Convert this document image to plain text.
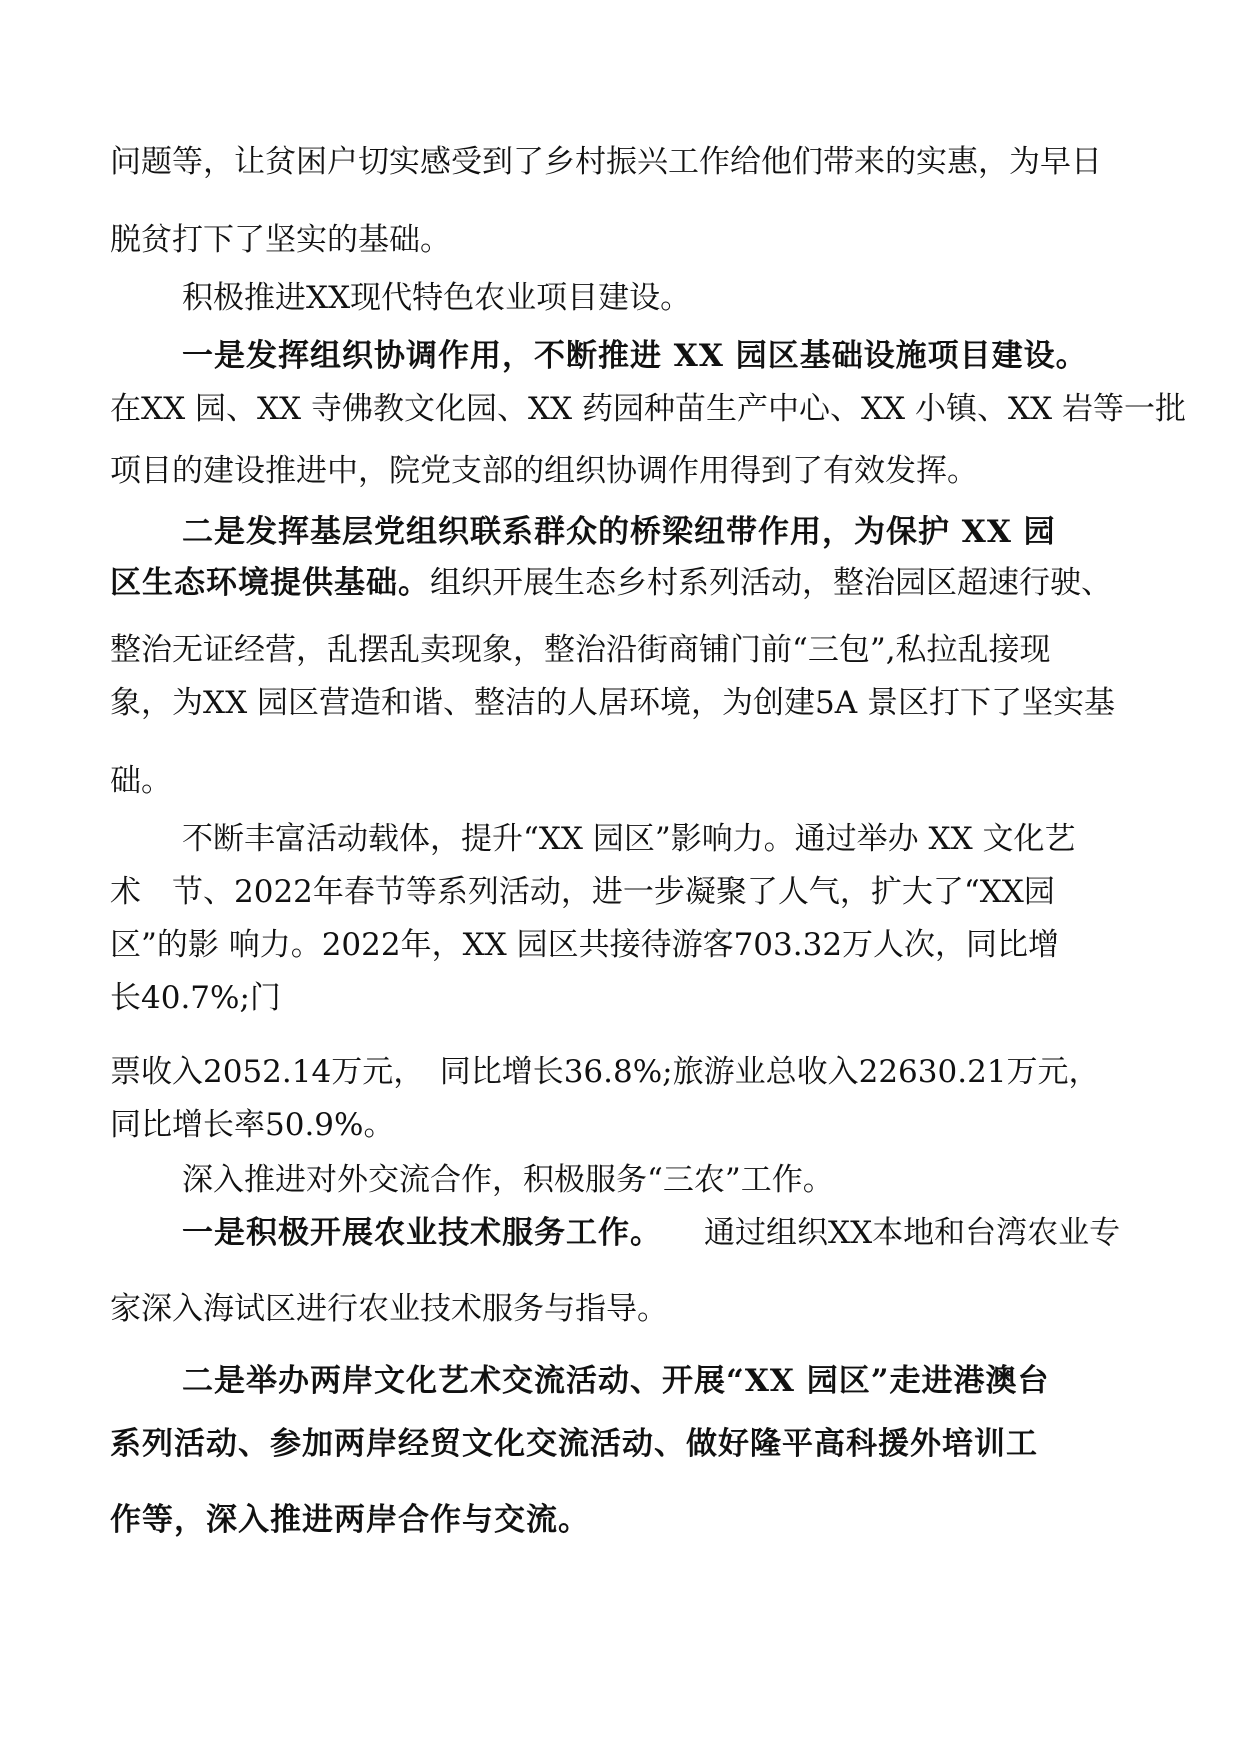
问题等，让贫困户切实感受到了乡村振兴工作给他们带来的实惠，为早日

脱贫打下了坚实的基础。

积极推进XX现代特色农业项目建设。

一是发挥组织协调作用，不断推进 XX 园区基础设施项目建设。

在XX 园、XX 寺佛教文化园、XX 药园种苗生产中心、XX 小镇、XX 岩等一批

项目的建设推进中，院党支部的组织协调作用得到了有效发挥。

二是发挥基层党组织联系群众的桥梁纽带作用，为保护 XX 园

区生态环境提供基础。组织开展生态乡村系列活动，整治园区超速行驶、

整治无证经营，乱摆乱卖现象，整治沿街商铺门前“三包”,私拉乱接现

象，为XX 园区营造和谐、整洁的人居环境，为创建5A 景区打下了坚实基

础。

不断丰富活动载体，提升“XX 园区”影响力。通过举办 XX 文化艺

术　节、2022年春节等系列活动，进一步凝聚了人气，扩大了“XX园

区”的影 响力。2022年，XX 园区共接待游客703.32万人次，同比增

长40.7%;门

票收入2052.14万元，　同比增长36.8%;旅游业总收入22630.21万元，

同比增长率50.9%。

深入推进对外交流合作，积极服务“三农”工作。

一是积极开展农业技术服务工作。 通过组织XX本地和台湾农业专

家深入海试区进行农业技术服务与指导。

二是举办两岸文化艺术交流活动、开展“XX 园区”走进港澳台

系列活动、参加两岸经贸文化交流活动、做好隆平高科援外培训工

作等，深入推进两岸合作与交流。
